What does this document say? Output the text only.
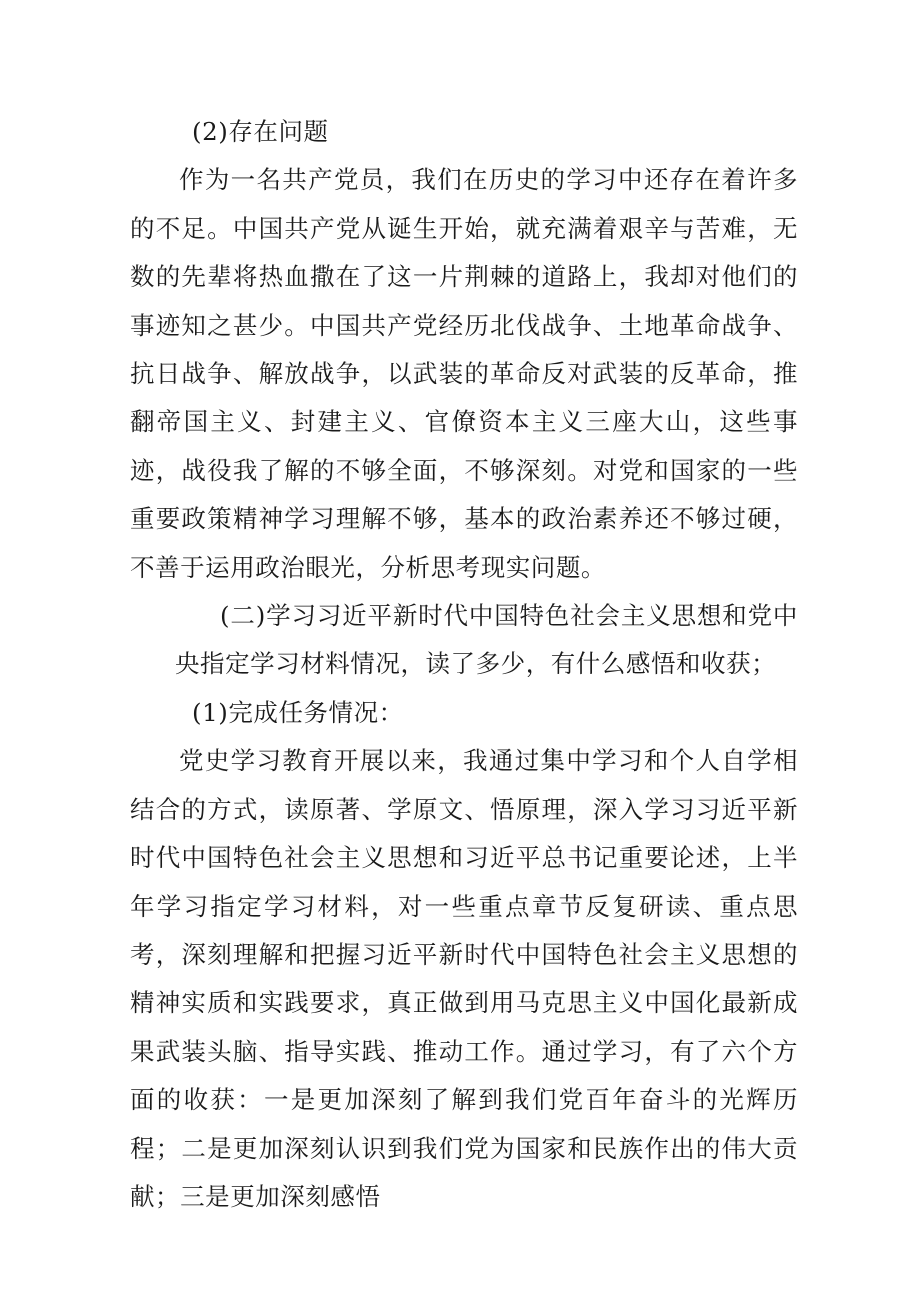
(2)存在问题

作为一名共产党员，我们在历史的学习中还存在着许多的不足。中国共产党从诞生开始，就充满着艰辛与苦难，无数的先辈将热血撒在了这一片荆棘的道路上，我却对他们的事迹知之甚少。中国共产党经历北伐战争、土地革命战争、抗日战争、解放战争，以武装的革命反对武装的反革命，推翻帝国主义、封建主义、官僚资本主义三座大山，这些事迹，战役我了解的不够全面，不够深刻。对党和国家的一些重要政策精神学习理解不够，基本的政治素养还不够过硬，不善于运用政治眼光，分析思考现实问题。

(二)学习习近平新时代中国特色社会主义思想和党中央指定学习材料情况，读了多少，有什么感悟和收获；

(1)完成任务情况：

党史学习教育开展以来，我通过集中学习和个人自学相结合的方式，读原著、学原文、悟原理，深入学习习近平新时代中国特色社会主义思想和习近平总书记重要论述，上半年学习指定学习材料，对一些重点章节反复研读、重点思考，深刻理解和把握习近平新时代中国特色社会主义思想的精神实质和实践要求，真正做到用马克思主义中国化最新成果武装头脑、指导实践、推动工作。通过学习，有了六个方面的收获：一是更加深刻了解到我们党百年奋斗的光辉历程；二是更加深刻认识到我们党为国家和民族作出的伟大贡献；三是更加深刻感悟
